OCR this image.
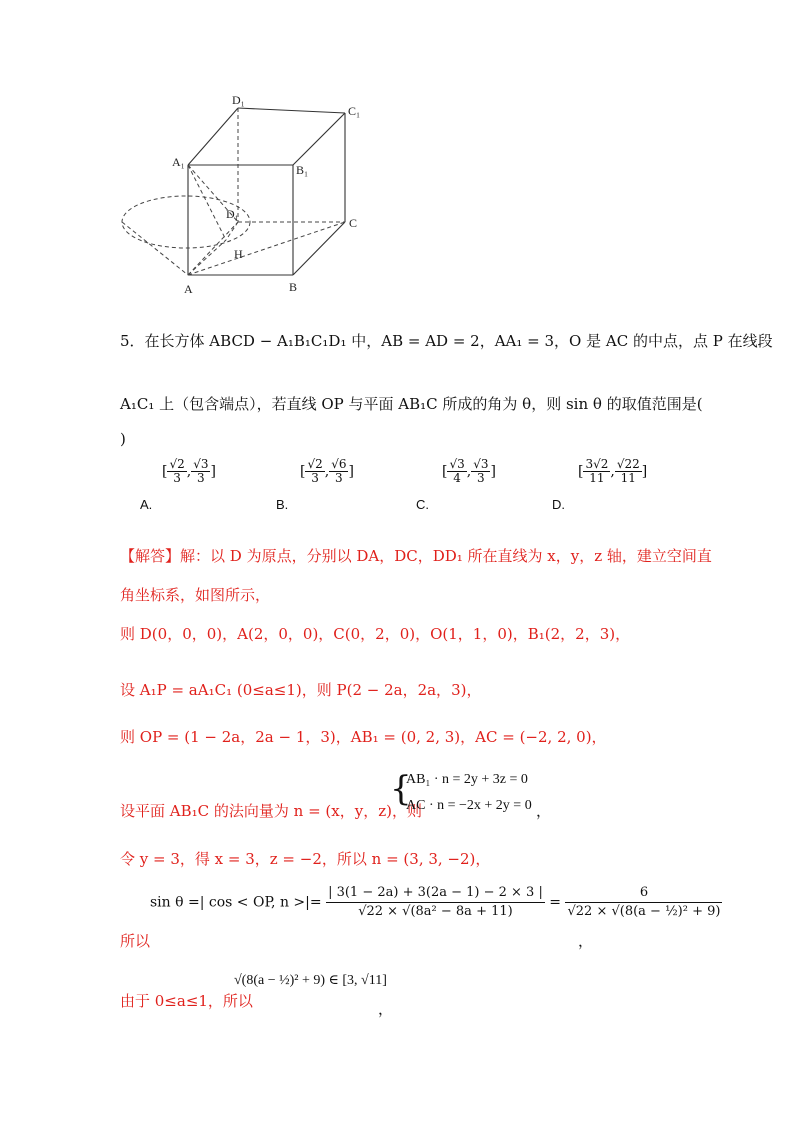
D₁
C₁
A₁
B₁
D₁
C
H
A	B
5．在长方体 ABCD − A₁B₁C₁D₁ 中，AB = AD = 2，AA₁ = 3，O 是 AC 的中点，点 P 在线段
A₁C₁ 上（包含端点），若直线 OP 与平面 AB₁C 所成的角为 θ，则 sin θ 的取值范围是(
)
[ $\frac{√2}{3}$ , $\frac{√3}{3}$ ]
A.
[ $\frac{√2}{3}$ , $\frac{√6}{3}$ ]
B.
[ $\frac{√3}{4}$ , $\frac{√3}{3}$ ]
C.
[ $\frac{3√2}{11}$ , $\frac{√22}{11}$ ]
D.
【解答】解：以 D 为原点，分别以 DA，DC，DD₁ 所在直线为 x，y，z 轴，建立空间直
角坐标系，如图所示，
则 D(0，0，0)，A(2，0，0)，C(0，2，0)，O(1，1，0)，B₁(2，2，3)，
设 A₁P = aA₁C₁ (0≤a≤1)，则 P(2 − 2a，2a，3)，
则 OP = (1 − 2a，2a − 1，3)，AB₁ = (0, 2, 3)，AC = (−2, 2, 0)，
设平面 AB₁C 的法向量为 n = (x，y，z)，则
{
AB₁ · n = 2y + 3z = 0
AC · n = −2x + 2y = 0 ，
令 y = 3，得 x = 3，z = −2，所以 n = (3, 3, −2)，
sin θ =| cos < OP, n >|= $\frac{| 3(1 - 2a) + 3(2a - 1) - 2 \times 3 |}{\text{√22 × √(8a² − 8a + 11)}} = \frac{6}{\text{√22 × √(8(a − ½)² + 9)}}$
，
所以
由于 0≤a≤1，所以
√(8(a − ½)² + 9) ∈ [3, √11]
，
